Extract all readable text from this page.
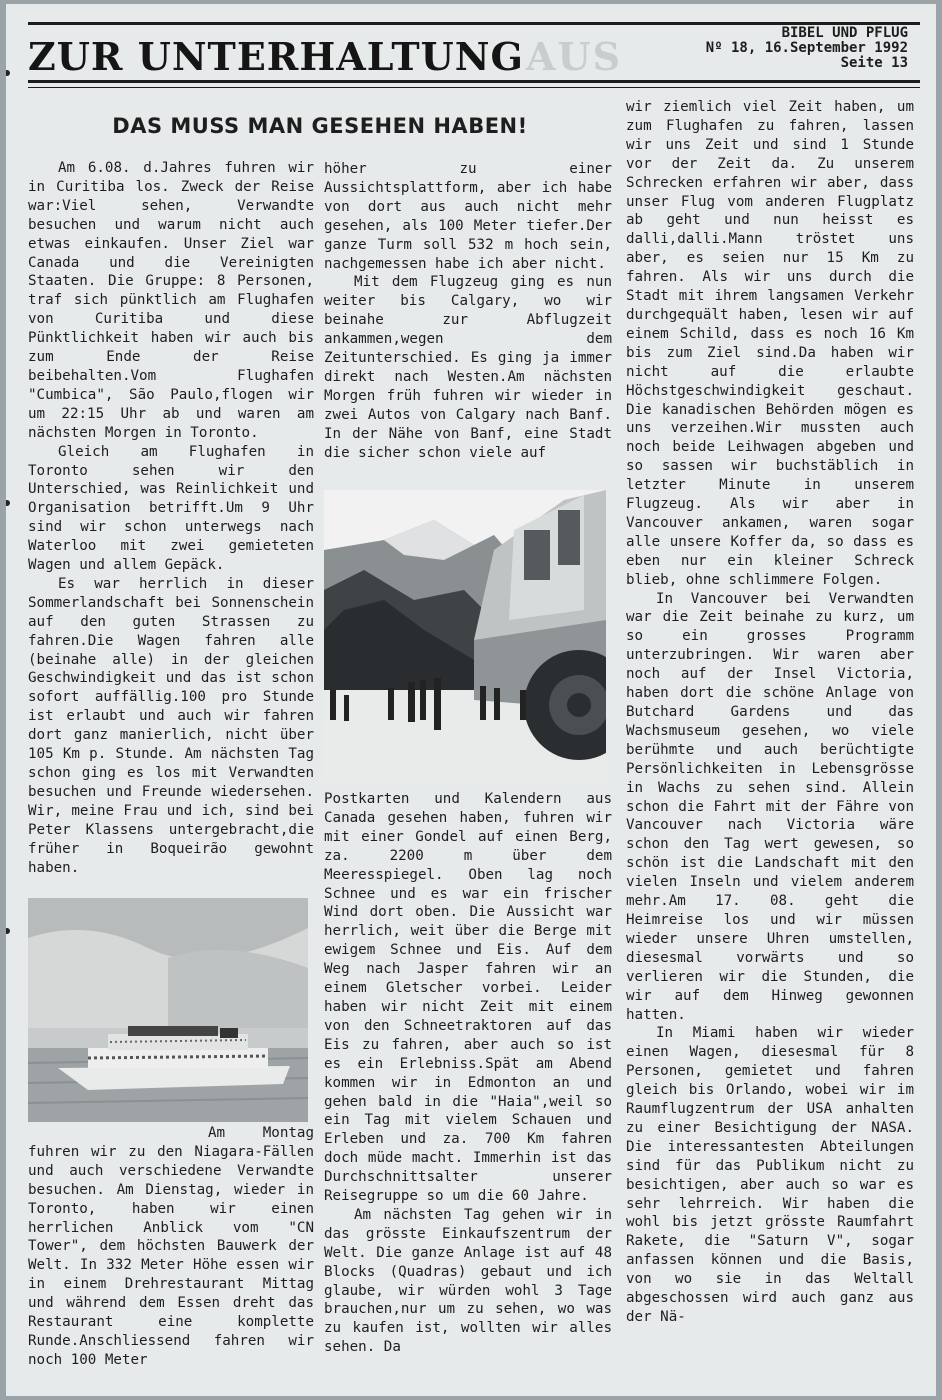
AUS
ZUR UNTERHALTUNG
BIBEL UND PFLUG
Nº 18, 16.September 1992
Seite 13
DAS MUSS MAN GESEHEN HABEN!

Am 6.08. d.Jahres fuhren wir in Curitiba los. Zweck der Reise war:Viel sehen, Verwandte besuchen und warum nicht auch etwas einkaufen. Unser Ziel war Canada und die Vereinigten Staaten. Die Gruppe: 8 Personen, traf sich pünktlich am Flughafen von Curitiba und diese Pünktlichkeit haben wir auch bis zum Ende der Reise beibehalten.Vom Flughafen "Cumbica", São Paulo,flogen wir um 22:15 Uhr ab und waren am nächsten Morgen in Toronto.

Gleich am Flughafen in Toronto sehen wir den Unterschied, was Reinlichkeit und Organisation betrifft.Um 9 Uhr sind wir schon unterwegs nach Waterloo mit zwei gemieteten Wagen und allem Gepäck.

Es war herrlich in dieser Sommerlandschaft bei Sonnenschein auf den guten Strassen zu fahren.Die Wagen fahren alle (beinahe alle) in der gleichen Geschwindigkeit und das ist schon sofort auffällig.100 pro Stunde ist erlaubt und auch wir fahren dort ganz manierlich, nicht über 105 Km p. Stunde. Am nächsten Tag schon ging es los mit Verwandten besuchen und Freunde wiedersehen. Wir, meine Frau und ich, sind bei Peter Klassens untergebracht,die früher in Boqueirão gewohnt haben.

Am Montag fuhren wir zu den Niagara-Fällen und auch verschiedene Verwandte besuchen. Am Dienstag, wieder in Toronto, haben wir einen herrlichen Anblick vom "CN Tower", dem höchsten Bauwerk der Welt. In 332 Meter Höhe essen wir in einem Drehrestaurant Mittag und während dem Essen dreht das Restaurant eine komplette Runde.Anschliessend fahren wir noch 100 Meter

höher zu einer Aussichtsplattform, aber ich habe von dort aus auch nicht mehr gesehen, als 100 Meter tiefer.Der ganze Turm soll 532 m hoch sein, nachgemessen habe ich aber nicht.

Mit dem Flugzeug ging es nun weiter bis Calgary, wo wir beinahe zur Abflugzeit ankammen,wegen dem Zeitunterschied. Es ging ja immer direkt nach Westen.Am nächsten Morgen früh fuhren wir wieder in zwei Autos von Calgary nach Banf. In der Nähe von Banf, eine Stadt die sicher schon viele auf

Postkarten und Kalendern aus Canada gesehen haben, fuhren wir mit einer Gondel auf einen Berg, za. 2200 m über dem Meeresspiegel. Oben lag noch Schnee und es war ein frischer Wind dort oben. Die Aussicht war herrlich, weit über die Berge mit ewigem Schnee und Eis. Auf dem Weg nach Jasper fahren wir an einem Gletscher vorbei. Leider haben wir nicht Zeit mit einem von den Schneetraktoren auf das Eis zu fahren, aber auch so ist es ein Erlebniss.Spät am Abend kommen wir in Edmonton an und gehen bald in die "Haia",weil so ein Tag mit vielem Schauen und Erleben und za. 700 Km fahren doch müde macht. Immerhin ist das Durchschnittsalter unserer Reisegruppe so um die 60 Jahre.

Am nächsten Tag gehen wir in das grösste Einkaufszentrum der Welt. Die ganze Anlage ist auf 48 Blocks (Quadras) gebaut und ich glaube, wir würden wohl 3 Tage brauchen,nur um zu sehen, wo was zu kaufen ist, wollten wir alles sehen. Da

wir ziemlich viel Zeit haben, um zum Flughafen zu fahren, lassen wir uns Zeit und sind 1 Stunde vor der Zeit da. Zu unserem Schrecken erfahren wir aber, dass unser Flug vom anderen Flugplatz ab geht und nun heisst es dalli,dalli.Mann tröstet uns aber, es seien nur 15 Km zu fahren. Als wir uns durch die Stadt mit ihrem langsamen Verkehr durchgequält haben, lesen wir auf einem Schild, dass es noch 16 Km bis zum Ziel sind.Da haben wir nicht auf die erlaubte Höchstgeschwindigkeit geschaut. Die kanadischen Behörden mögen es uns verzeihen.Wir mussten auch noch beide Leihwagen abgeben und so sassen wir buchstäblich in letzter Minute in unserem Flugzeug. Als wir aber in Vancouver ankamen, waren sogar alle unsere Koffer da, so dass es eben nur ein kleiner Schreck blieb, ohne schlimmere Folgen.

In Vancouver bei Verwandten war die Zeit beinahe zu kurz, um so ein grosses Programm unterzubringen. Wir waren aber noch auf der Insel Victoria, haben dort die schöne Anlage von Butchard Gardens und das Wachsmuseum gesehen, wo viele berühmte und auch berüchtigte Persönlichkeiten in Lebensgrösse in Wachs zu sehen sind. Allein schon die Fahrt mit der Fähre von Vancouver nach Victoria wäre schon den Tag wert gewesen, so schön ist die Landschaft mit den vielen Inseln und vielem anderem mehr.Am 17. 08. geht die Heimreise los und wir müssen wieder unsere Uhren umstellen, diesesmal vorwärts und so verlieren wir die Stunden, die wir auf dem Hinweg gewonnen hatten.

In Miami haben wir wieder einen Wagen, diesesmal für 8 Personen, gemietet und fahren gleich bis Orlando, wobei wir im Raumflugzentrum der USA anhalten zu einer Besichtigung der NASA. Die interessantesten Abteilungen sind für das Publikum nicht zu besichtigen, aber auch so war es sehr lehrreich. Wir haben die wohl bis jetzt grösste Raumfahrt Rakete, die "Saturn V", sogar anfassen können und die Basis, von wo sie in das Weltall abgeschossen wird auch ganz aus der Nä-
